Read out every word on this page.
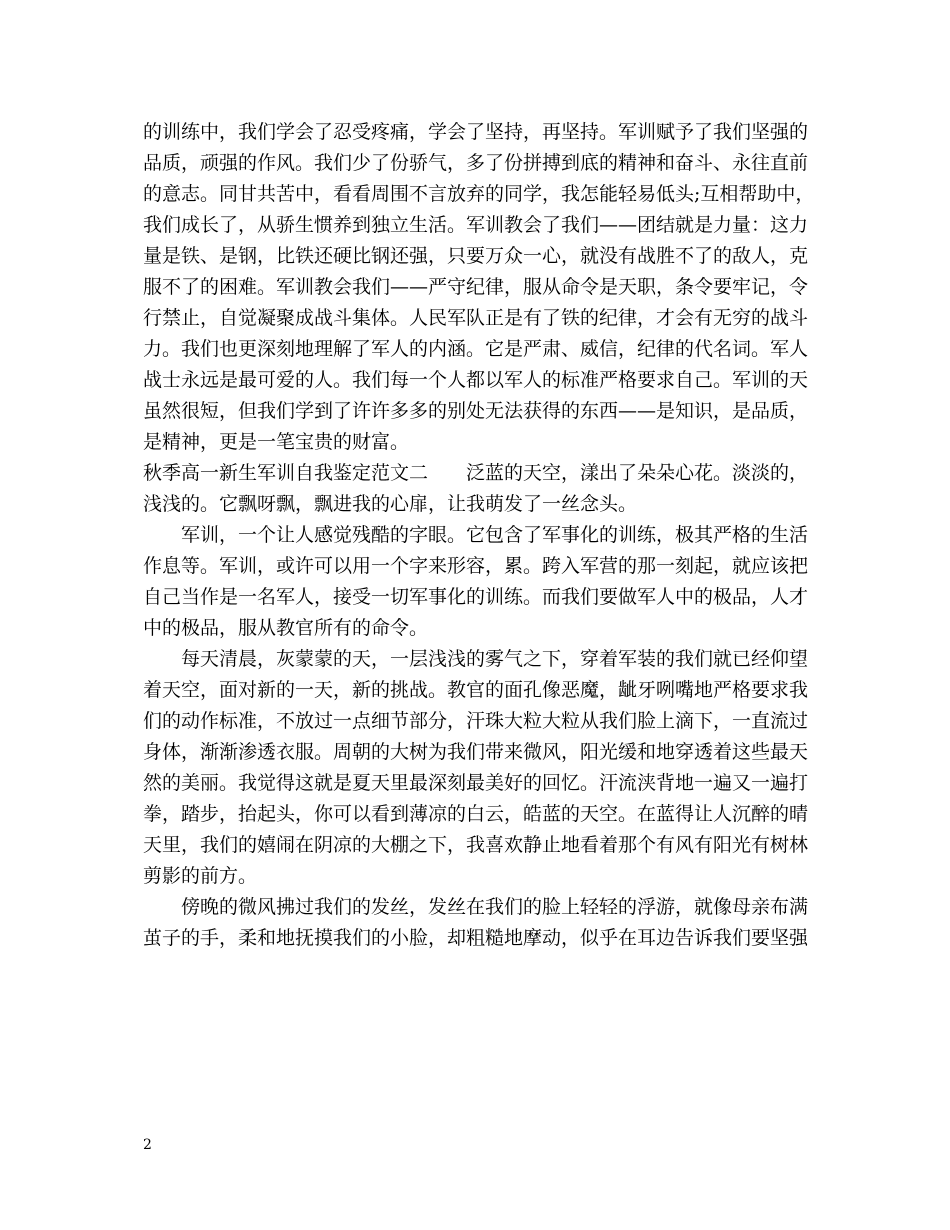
的训练中，我们学会了忍受疼痛，学会了坚持，再坚持。军训赋予了我们坚强的
品质，顽强的作风。我们少了份骄气，多了份拼搏到底的精神和奋斗、永往直前
的意志。同甘共苦中，看看周围不言放弃的同学，我怎能轻易低头;互相帮助中，
我们成长了，从骄生惯养到独立生活。军训教会了我们——团结就是力量：这力
量是铁、是钢，比铁还硬比钢还强，只要万众一心，就没有战胜不了的敌人，克
服不了的困难。军训教会我们——严守纪律，服从命令是天职，条令要牢记，令
行禁止，自觉凝聚成战斗集体。人民军队正是有了铁的纪律，才会有无穷的战斗
力。我们也更深刻地理解了军人的内涵。它是严肃、威信，纪律的代名词。军人
战士永远是最可爱的人。我们每一个人都以军人的标准严格要求自己。军训的天
虽然很短，但我们学到了许许多多的别处无法获得的东西——是知识，是品质，
是精神，更是一笔宝贵的财富。

秋季高一新生军训自我鉴定范文二 泛蓝的天空，漾出了朵朵心花。淡淡的，
浅浅的。它飘呀飘，飘进我的心扉，让我萌发了一丝念头。

军训，一个让人感觉残酷的字眼。它包含了军事化的训练，极其严格的生活
作息等。军训，或许可以用一个字来形容，累。跨入军营的那一刻起，就应该把
自己当作是一名军人，接受一切军事化的训练。而我们要做军人中的极品，人才
中的极品，服从教官所有的命令。

每天清晨，灰蒙蒙的天，一层浅浅的雾气之下，穿着军装的我们就已经仰望
着天空，面对新的一天，新的挑战。教官的面孔像恶魔，龇牙咧嘴地严格要求我
们的动作标准，不放过一点细节部分，汗珠大粒大粒从我们脸上滴下，一直流过
身体，渐渐渗透衣服。周朝的大树为我们带来微风，阳光缓和地穿透着这些最天
然的美丽。我觉得这就是夏天里最深刻最美好的回忆。汗流浃背地一遍又一遍打
拳，踏步，抬起头，你可以看到薄凉的白云，皓蓝的天空。在蓝得让人沉醉的晴
天里，我们的嬉闹在阴凉的大棚之下，我喜欢静止地看着那个有风有阳光有树林
剪影的前方。

傍晚的微风拂过我们的发丝，发丝在我们的脸上轻轻的浮游，就像母亲布满
茧子的手，柔和地抚摸我们的小脸，却粗糙地摩动，似乎在耳边告诉我们要坚强

2
